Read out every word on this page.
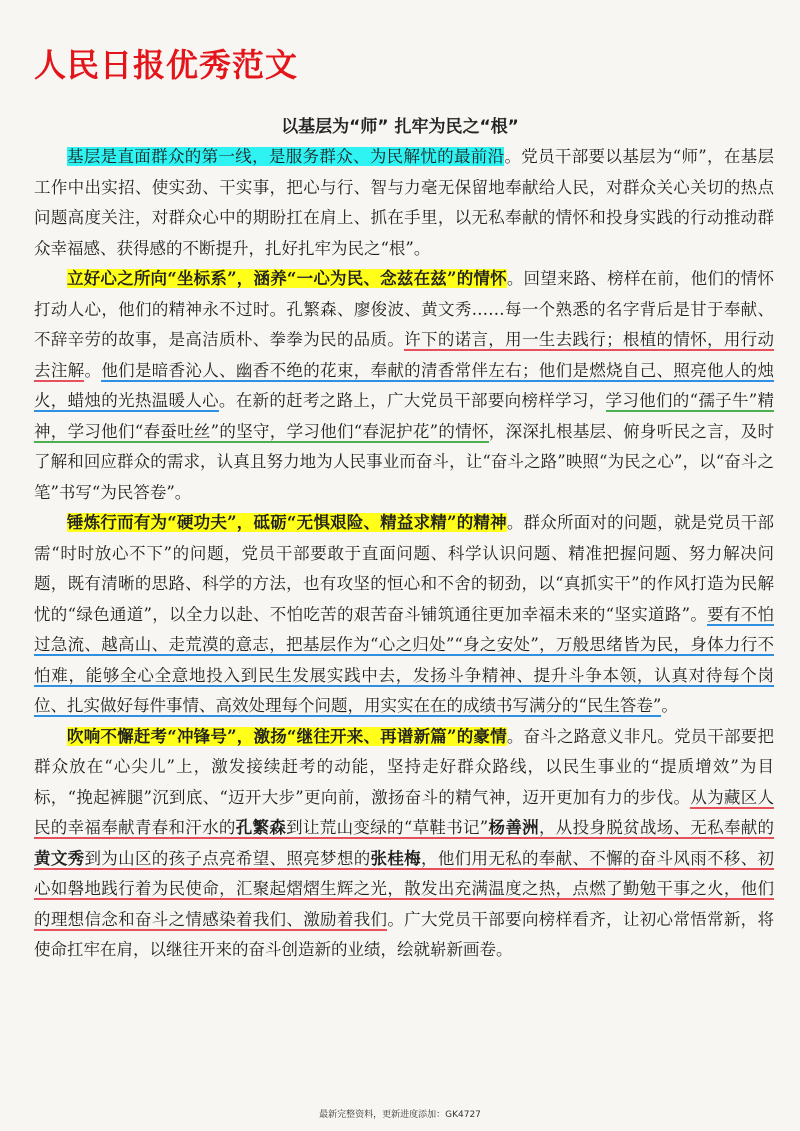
人民日报优秀范文
以基层为“师” 扎牢为民之“根”

基层是直面群众的第一线，是服务群众、为民解忧的最前沿。党员干部要以基层为“师”，在基层工作中出实招、使实劲、干实事，把心与行、智与力毫无保留地奉献给人民，对群众关心关切的热点问题高度关注，对群众心中的期盼扛在肩上、抓在手里，以无私奉献的情怀和投身实践的行动推动群众幸福感、获得感的不断提升，扎好扎牢为民之“根”。

立好心之所向“坐标系”，涵养“一心为民、念兹在兹”的情怀。回望来路、榜样在前，他们的情怀打动人心，他们的精神永不过时。孔繁森、廖俊波、黄文秀……每一个熟悉的名字背后是甘于奉献、不辞辛劳的故事，是高洁质朴、拳拳为民的品质。许下的诺言，用一生去践行；根植的情怀，用行动去注解。他们是暗香沁人、幽香不绝的花束，奉献的清香常伴左右；他们是燃烧自己、照亮他人的烛火，蜡烛的光热温暖人心。在新的赶考之路上，广大党员干部要向榜样学习，学习他们的“孺子牛”精神，学习他们“春蚕吐丝”的坚守，学习他们“春泥护花”的情怀，深深扎根基层、俯身听民之言，及时了解和回应群众的需求，认真且努力地为人民事业而奋斗，让“奋斗之路”映照“为民之心”，以“奋斗之笔”书写“为民答卷”。

锤炼行而有为“硬功夫”，砥砺“无惧艰险、精益求精”的精神。群众所面对的问题，就是党员干部需“时时放心不下”的问题，党员干部要敢于直面问题、科学认识问题、精准把握问题、努力解决问题，既有清晰的思路、科学的方法，也有攻坚的恒心和不舍的韧劲，以“真抓实干”的作风打造为民解忧的“绿色通道”，以全力以赴、不怕吃苦的艰苦奋斗铺筑通往更加幸福未来的“坚实道路”。要有不怕过急流、越高山、走荒漠的意志，把基层作为“心之归处”“身之安处”，万般思绪皆为民，身体力行不怕难，能够全心全意地投入到民生发展实践中去，发扬斗争精神、提升斗争本领，认真对待每个岗位、扎实做好每件事情、高效处理每个问题，用实实在在的成绩书写满分的“民生答卷”。

吹响不懈赶考“冲锋号”，激扬“继往开来、再谱新篇”的豪情。奋斗之路意义非凡。党员干部要把群众放在“心尖儿”上，激发接续赶考的动能，坚持走好群众路线，以民生事业的“提质增效”为目标，“挽起裤腿”沉到底、“迈开大步”更向前，激扬奋斗的精气神，迈开更加有力的步伐。从为藏区人民的幸福奉献青春和汗水的孔繁森到让荒山变绿的“草鞋书记”杨善洲，从投身脱贫战场、无私奉献的黄文秀到为山区的孩子点亮希望、照亮梦想的张桂梅，他们用无私的奉献、不懈的奋斗风雨不移、初心如磐地践行着为民使命，汇聚起熠熠生辉之光，散发出充满温度之热，点燃了勤勉干事之火，他们的理想信念和奋斗之情感染着我们、激励着我们。广大党员干部要向榜样看齐，让初心常悟常新，将使命扛牢在肩，以继往开来的奋斗创造新的业绩，绘就崭新画卷。

最新完整资料，更新进度添加：GK4727
